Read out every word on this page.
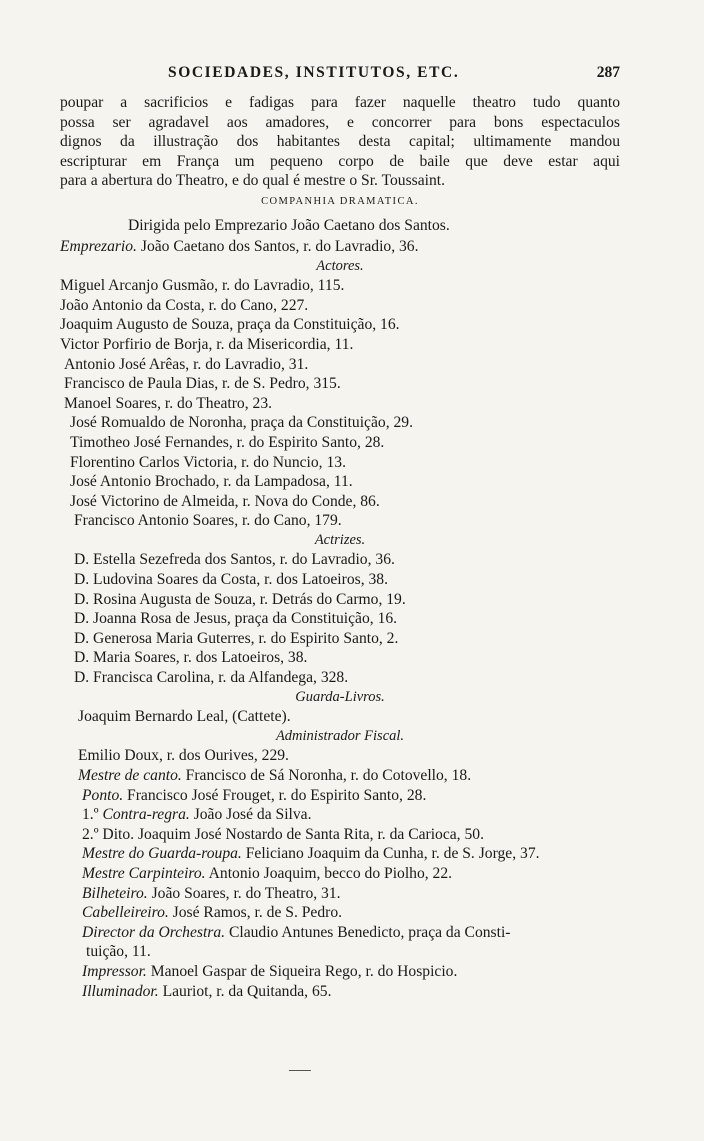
SOCIEDADES, INSTITUTOS, ETC.	287
poupar a sacrificios e fadigas para fazer naquelle theatro tudo quanto
possa ser agradavel aos amadores, e concorrer para bons espectaculos
dignos da illustração dos habitantes desta capital; ultimamente mandou
escripturar em França um pequeno corpo de baile que deve estar aqui
para a abertura do Theatro, e do qual é mestre o Sr. Toussaint.
COMPANHIA DRAMATICA.
Dirigida pelo Emprezario João Caetano dos Santos.
Emprezario. João Caetano dos Santos, r. do Lavradio, 36.
Actores.
Miguel Arcanjo Gusmão, r. do Lavradio, 115.
João Antonio da Costa, r. do Cano, 227.
Joaquim Augusto de Souza, praça da Constituição, 16.
Victor Porfirio de Borja, r. da Misericordia, 11.
Antonio José Arêas, r. do Lavradio, 31.
Francisco de Paula Dias, r. de S. Pedro, 315.
Manoel Soares, r. do Theatro, 23.
José Romualdo de Noronha, praça da Constituição, 29.
Timotheo José Fernandes, r. do Espirito Santo, 28.
Florentino Carlos Victoria, r. do Nuncio, 13.
José Antonio Brochado, r. da Lampadosa, 11.
José Victorino de Almeida, r. Nova do Conde, 86.
Francisco Antonio Soares, r. do Cano, 179.
Actrizes.
D. Estella Sezefreda dos Santos, r. do Lavradio, 36.
D. Ludovina Soares da Costa, r. dos Latoeiros, 38.
D. Rosina Augusta de Souza, r. Detrás do Carmo, 19.
D. Joanna Rosa de Jesus, praça da Constituição, 16.
D. Generosa Maria Guterres, r. do Espirito Santo, 2.
D. Maria Soares, r. dos Latoeiros, 38.
D. Francisca Carolina, r. da Alfandega, 328.
Guarda-Livros.
Joaquim Bernardo Leal, (Cattete).
Administrador Fiscal.
Emilio Doux, r. dos Ourives, 229.
Mestre de canto. Francisco de Sá Noronha, r. do Cotovello, 18.
Ponto. Francisco José Frouget, r. do Espirito Santo, 28.
1.º Contra-regra. João José da Silva.
2.º Dito. Joaquim José Nostardo de Santa Rita, r. da Carioca, 50.
Mestre do Guarda-roupa. Feliciano Joaquim da Cunha, r. de S. Jorge, 37.
Mestre Carpinteiro. Antonio Joaquim, becco do Piolho, 22.
Bilheteiro. João Soares, r. do Theatro, 31.
Cabelleireiro. José Ramos, r. de S. Pedro.
Director da Orchestra. Claudio Antunes Benedicto, praça da Consti-
tuição, 11.
Impressor. Manoel Gaspar de Siqueira Rego, r. do Hospicio.
Illuminador. Lauriot, r. da Quitanda, 65.
